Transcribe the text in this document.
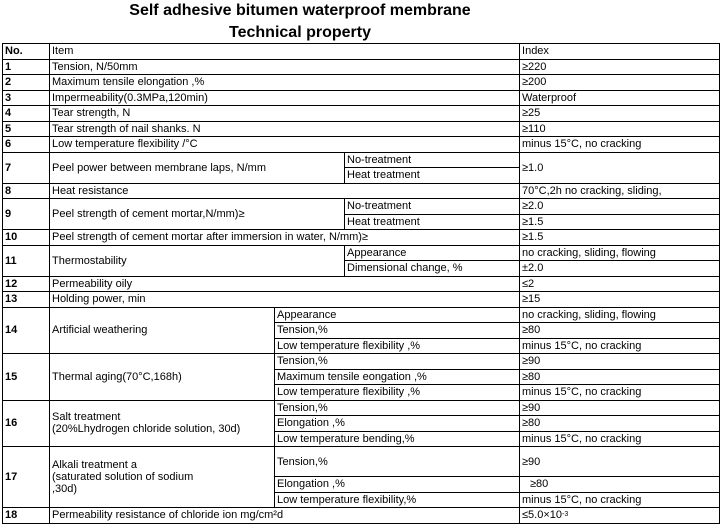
Self adhesive bitumen waterproof membrane
Technical property
No.	Item			Index
1	Tension, N/50mm			≥220
2	Maximum tensile elongation ,%			≥200
3	Impermeability(0.3MPa,120min)			Waterproof
4	Tear strength, N			≥25
5	Tear strength of nail shanks. N			≥110
6	Low temperature flexibility /°C			minus 15°C, no cracking
7	Peel power between membrane laps, N/mm		No-treatment	≥1.0
			Heat treatment	
8	Heat resistance			70°C,2h no cracking, sliding,
9	Peel strength of cement mortar,N/mm)≥		No-treatment	≥2.0
			Heat treatment	≥1.5
10	Peel strength of cement mortar after immersion in water, N/mm)≥			≥1.5
11	Thermostability		Appearance	no cracking, sliding, flowing
			Dimensional change, %	±2.0
12	Permeability oily			≤2
13	Holding power, min			≥15
14	Artificial weathering	Appearance		no cracking, sliding, flowing
		Tension,%		≥80
		Low temperature flexibility ,%		minus 15°C, no cracking
15	Thermal aging(70°C,168h)	Tension,%		≥90
		Maximum tensile eongation ,%		≥80
		Low temperature flexibility ,%		minus 15°C, no cracking
16	Salt treatment
(20%Lhydrogen chloride solution, 30d)	Tension,%		≥90
		Elongation ,%		≥80
		Low temperature bending,%		minus 15°C, no cracking
17	Alkali treatment a
(saturated solution of sodium
,30d)	Tension,%		≥90
		Elongation ,%		≥80
		Low temperature flexibility,%		minus 15°C, no cracking
18	Permeability resistance of chloride ion mg/cm²d			$\le 5.0\times 10^{-3}$
